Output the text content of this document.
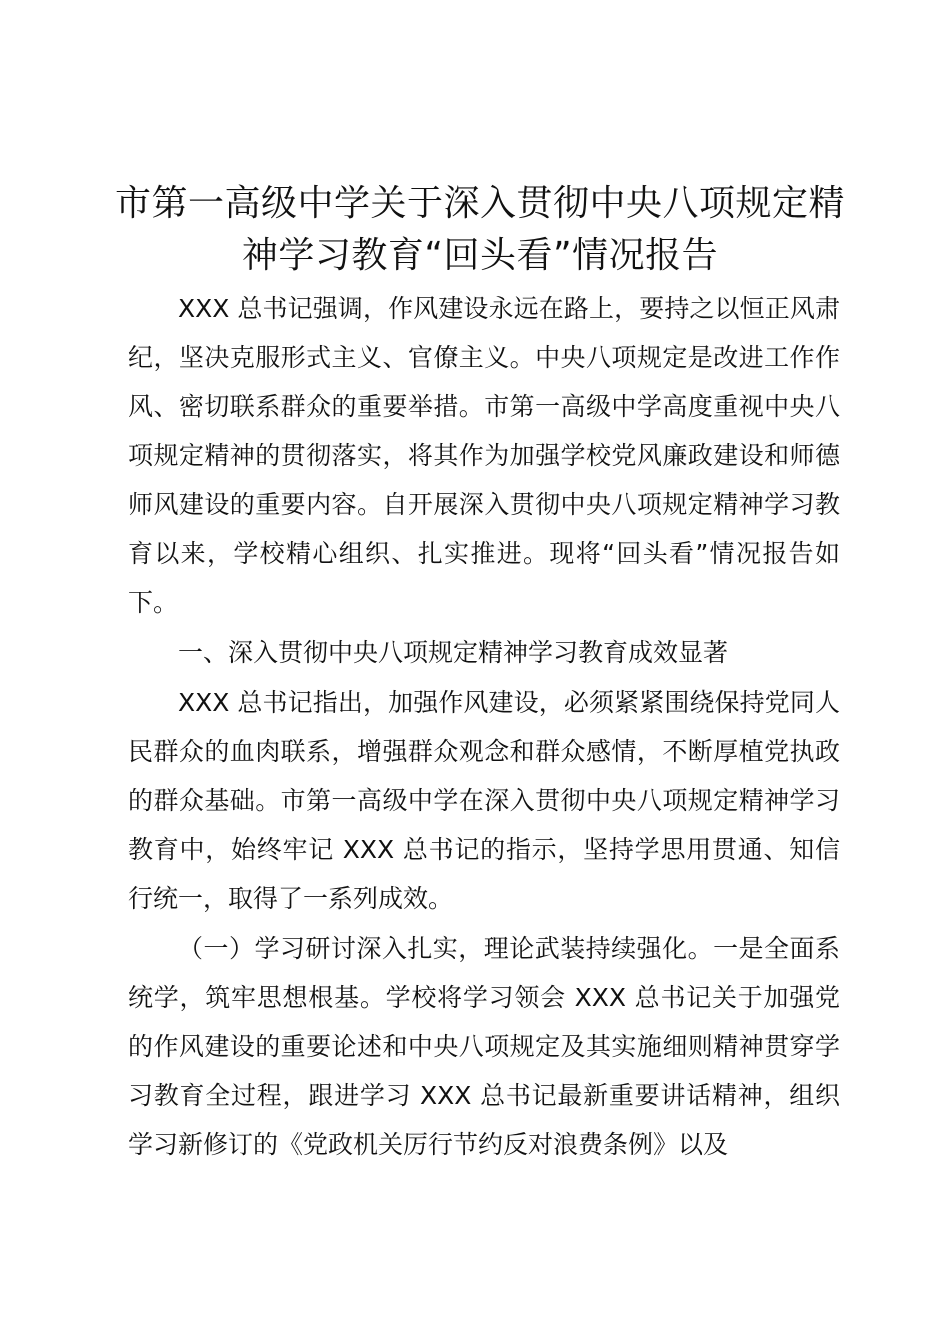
市第一高级中学关于深入贯彻中央八项规定精
神学习教育“回头看”情况报告

XXX 总书记强调，作风建设永远在路上，要持之以恒正风肃纪，坚决克服形式主义、官僚主义。中央八项规定是改进工作作风、密切联系群众的重要举措。市第一高级中学高度重视中央八项规定精神的贯彻落实，将其作为加强学校党风廉政建设和师德师风建设的重要内容。自开展深入贯彻中央八项规定精神学习教育以来，学校精心组织、扎实推进。现将“回头看”情况报告如下。

一、深入贯彻中央八项规定精神学习教育成效显著

XXX 总书记指出，加强作风建设，必须紧紧围绕保持党同人民群众的血肉联系，增强群众观念和群众感情，不断厚植党执政的群众基础。市第一高级中学在深入贯彻中央八项规定精神学习教育中，始终牢记 XXX 总书记的指示，坚持学思用贯通、知信行统一，取得了一系列成效。

（一）学习研讨深入扎实，理论武装持续强化。一是全面系统学，筑牢思想根基。学校将学习领会 XXX 总书记关于加强党的作风建设的重要论述和中央八项规定及其实施细则精神贯穿学习教育全过程，跟进学习 XXX 总书记最新重要讲话精神，组织学习新修订的《党政机关厉行节约反对浪费条例》以及
